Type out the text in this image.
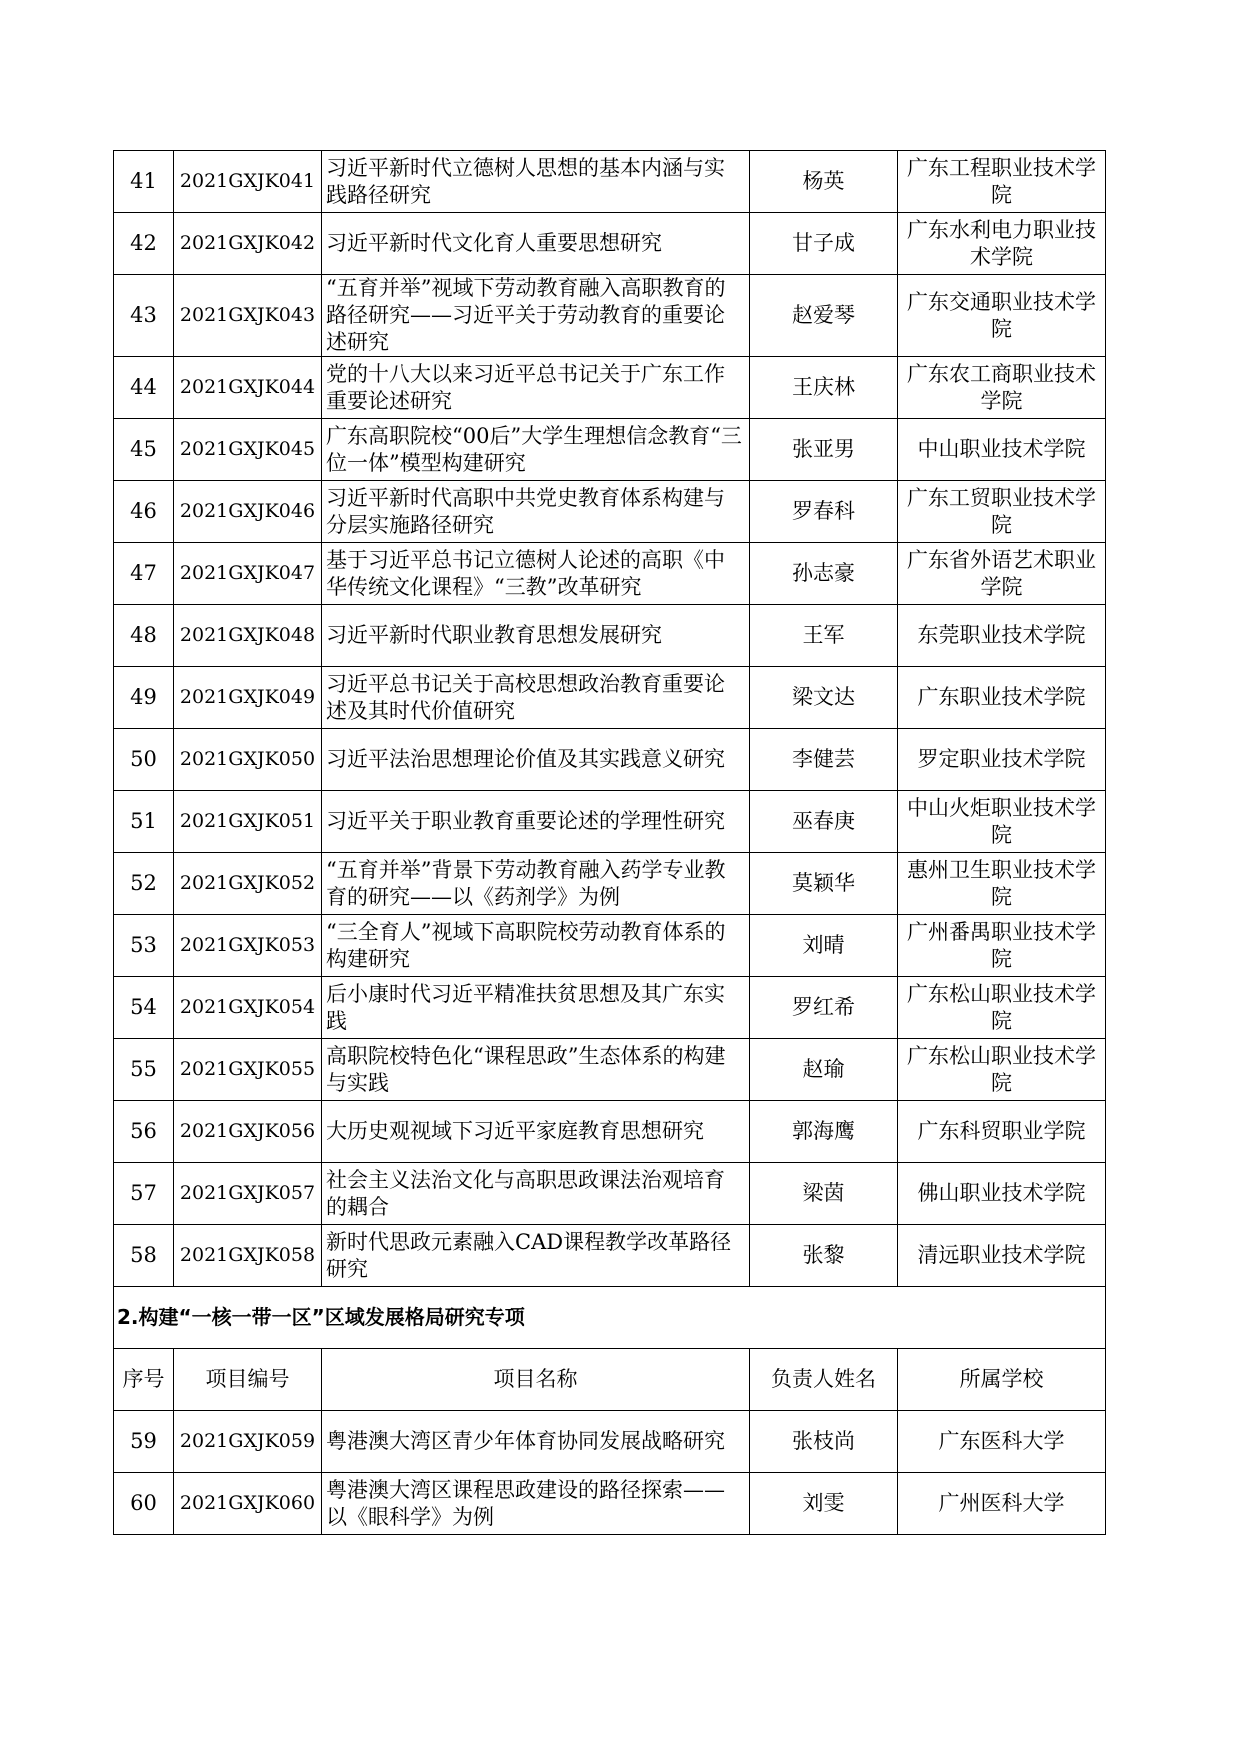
41	2021GXJK041	习近平新时代立德树人思想的基本内涵与实践路径研究	杨英	广东工程职业技术学院
42	2021GXJK042	习近平新时代文化育人重要思想研究	甘子成	广东水利电力职业技术学院
43	2021GXJK043	“五育并举”视域下劳动教育融入高职教育的路径研究——习近平关于劳动教育的重要论述研究	赵爱琴	广东交通职业技术学院
44	2021GXJK044	党的十八大以来习近平总书记关于广东工作重要论述研究	王庆林	广东农工商职业技术学院
45	2021GXJK045	广东高职院校“00后”大学生理想信念教育“三位一体”模型构建研究	张亚男	中山职业技术学院
46	2021GXJK046	习近平新时代高职中共党史教育体系构建与分层实施路径研究	罗春科	广东工贸职业技术学院
47	2021GXJK047	基于习近平总书记立德树人论述的高职《中华传统文化课程》“三教”改革研究	孙志豪	广东省外语艺术职业学院
48	2021GXJK048	习近平新时代职业教育思想发展研究	王军	东莞职业技术学院
49	2021GXJK049	习近平总书记关于高校思想政治教育重要论述及其时代价值研究	梁文达	广东职业技术学院
50	2021GXJK050	习近平法治思想理论价值及其实践意义研究	李健芸	罗定职业技术学院
51	2021GXJK051	习近平关于职业教育重要论述的学理性研究	巫春庚	中山火炬职业技术学院
52	2021GXJK052	“五育并举”背景下劳动教育融入药学专业教育的研究——以《药剂学》为例	莫颖华	惠州卫生职业技术学院
53	2021GXJK053	“三全育人”视域下高职院校劳动教育体系的构建研究	刘晴	广州番禺职业技术学院
54	2021GXJK054	后小康时代习近平精准扶贫思想及其广东实践	罗红希	广东松山职业技术学院
55	2021GXJK055	高职院校特色化“课程思政”生态体系的构建与实践	赵瑜	广东松山职业技术学院
56	2021GXJK056	大历史观视域下习近平家庭教育思想研究	郭海鹰	广东科贸职业学院
57	2021GXJK057	社会主义法治文化与高职思政课法治观培育的耦合	梁茵	佛山职业技术学院
58	2021GXJK058	新时代思政元素融入CAD课程教学改革路径研究	张黎	清远职业技术学院
2.构建“一核一带一区”区域发展格局研究专项				
序号	项目编号	项目名称	负责人姓名	所属学校
59	2021GXJK059	粤港澳大湾区青少年体育协同发展战略研究	张枝尚	广东医科大学
60	2021GXJK060	粤港澳大湾区课程思政建设的路径探索——以《眼科学》为例	刘雯	广州医科大学
